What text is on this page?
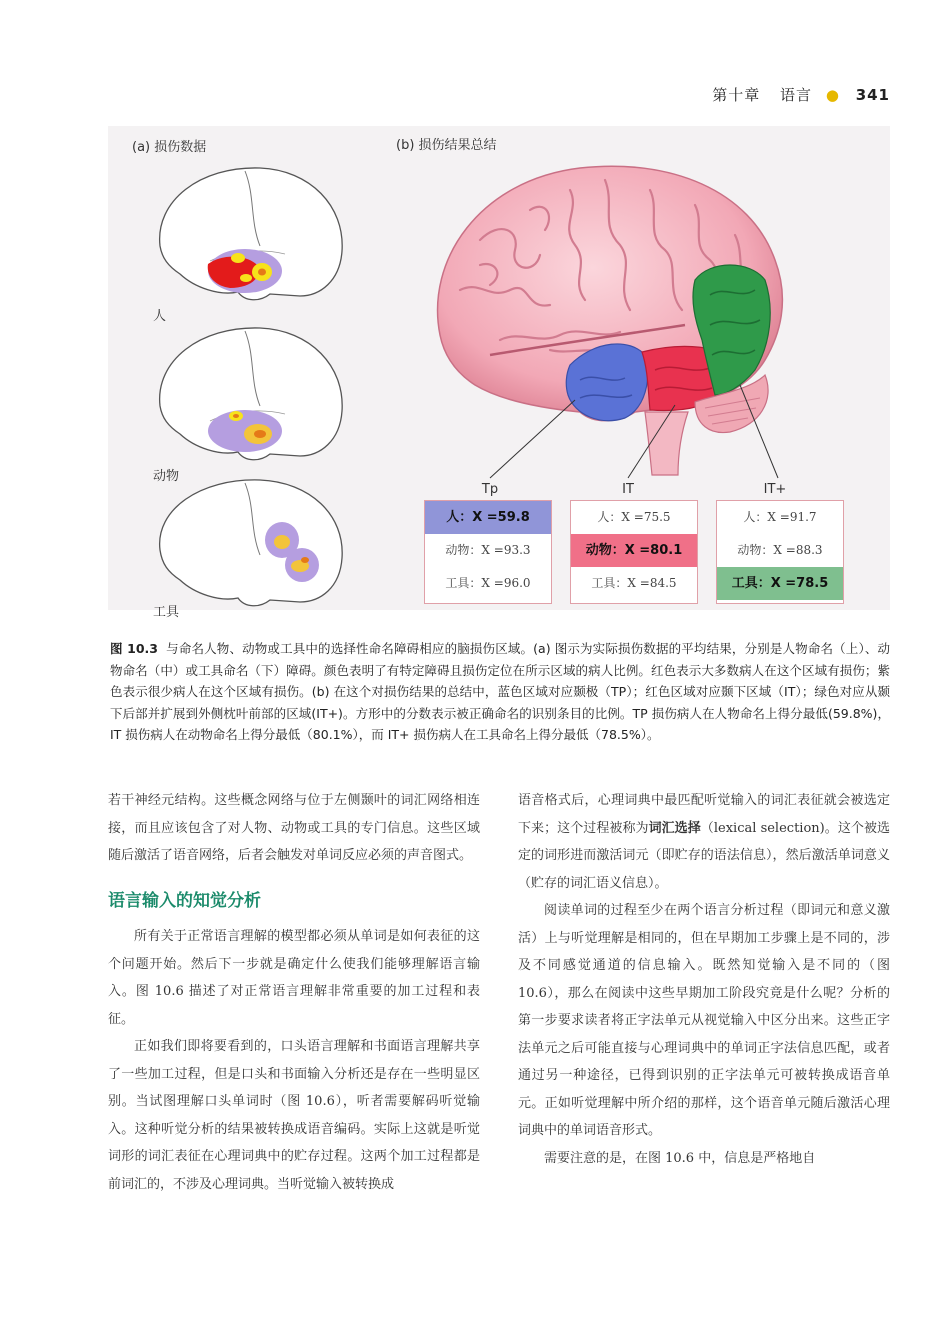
第十章 语言 ● 341
(a) 损伤数据	(b) 损伤结果总结
人
动物
工具
Tp	IT	IT+
人：X =59.8
动物：X =93.3
工具：X =96.0
人：X =75.5
动物：X =80.1
工具：X =84.5
人：X =91.7
动物：X =88.3
工具：X =78.5
图 10.3 与命名人物、动物或工具中的选择性命名障碍相应的脑损伤区域。(a) 图示为实际损伤数据的平均结果，分别是人物命名（上）、动物命名（中）或工具命名（下）障碍。颜色表明了有特定障碍且损伤定位在所示区域的病人比例。红色表示大多数病人在这个区域有损伤；紫色表示很少病人在这个区域有损伤。(b) 在这个对损伤结果的总结中，蓝色区域对应颞极（TP）；红色区域对应颞下区域（IT）；绿色对应从颞下后部并扩展到外侧枕叶前部的区域(IT+)。方形中的分数表示被正确命名的识别条目的比例。TP 损伤病人在人物命名上得分最低(59.8%)，IT 损伤病人在动物命名上得分最低（80.1%），而 IT+ 损伤病人在工具命名上得分最低（78.5%）。

若干神经元结构。这些概念网络与位于左侧颞叶的词汇网络相连接，而且应该包含了对人物、动物或工具的专门信息。这些区域随后激活了语音网络，后者会触发对单词反应必须的声音图式。

语言输入的知觉分析

所有关于正常语言理解的模型都必须从单词是如何表征的这个问题开始。然后下一步就是确定什么使我们能够理解语言输入。图 10.6 描述了对正常语言理解非常重要的加工过程和表征。

正如我们即将要看到的，口头语言理解和书面语言理解共享了一些加工过程，但是口头和书面输入分析还是存在一些明显区别。当试图理解口头单词时（图 10.6），听者需要解码听觉输入。这种听觉分析的结果被转换成语音编码。实际上这就是听觉词形的词汇表征在心理词典中的贮存过程。这两个加工过程都是前词汇的，不涉及心理词典。当听觉输入被转换成

语音格式后，心理词典中最匹配听觉输入的词汇表征就会被选定下来；这个过程被称为词汇选择（lexical selection)。这个被选定的词形进而激活词元（即贮存的语法信息），然后激活单词意义（贮存的词汇语义信息）。

阅读单词的过程至少在两个语言分析过程（即词元和意义激活）上与听觉理解是相同的，但在早期加工步骤上是不同的，涉及不同感觉通道的信息输入。既然知觉输入是不同的（图 10.6），那么在阅读中这些早期加工阶段究竟是什么呢？分析的第一步要求读者将正字法单元从视觉输入中区分出来。这些正字法单元之后可能直接与心理词典中的单词正字法信息匹配，或者通过另一种途径，已得到识别的正字法单元可被转换成语音单元。正如听觉理解中所介绍的那样，这个语音单元随后激活心理词典中的单词语音形式。

需要注意的是，在图 10.6 中，信息是严格地自
